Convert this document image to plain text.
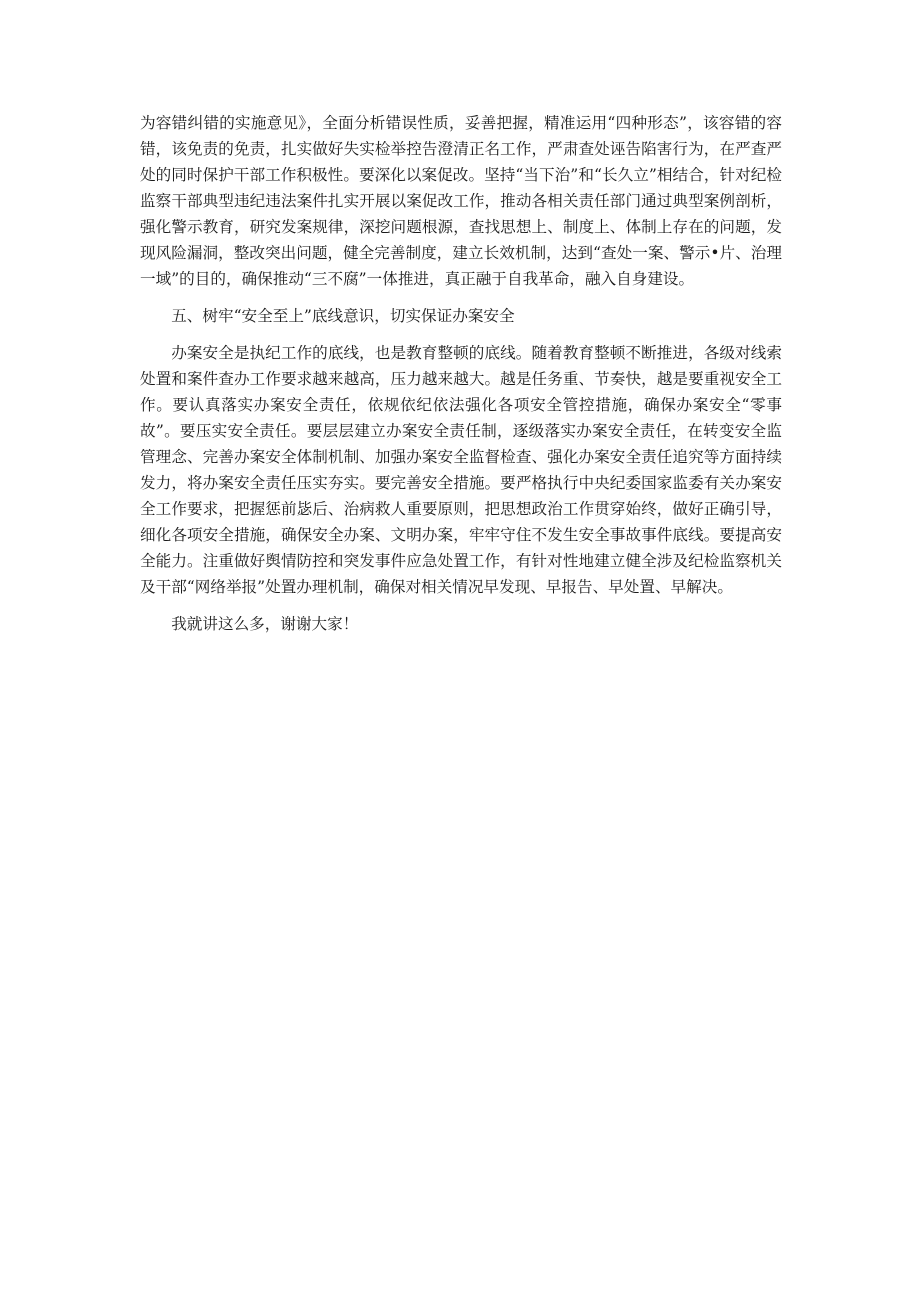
为容错纠错的实施意见》，全面分析错误性质，妥善把握，精准运用“四种形态”，该容错的容错，该免责的免责，扎实做好失实检举控告澄清正名工作，严肃查处诬告陷害行为，在严查严处的同时保护干部工作积极性。要深化以案促改。坚持“当下治”和“长久立”相结合，针对纪检监察干部典型违纪违法案件扎实开展以案促改工作，推动各相关责任部门通过典型案例剖析，强化警示教育，研究发案规律，深挖问题根源，查找思想上、制度上、体制上存在的问题，发现风险漏洞，整改突出问题，健全完善制度，建立长效机制，达到“查处一案、警示•片、治理一域”的目的，确保推动“三不腐”一体推进，真正融于自我革命，融入自身建设。

五、树牢“安全至上”底线意识，切实保证办案安全

办案安全是执纪工作的底线，也是教育整顿的底线。随着教育整顿不断推进，各级对线索处置和案件查办工作要求越来越高，压力越来越大。越是任务重、节奏快，越是要重视安全工作。要认真落实办案安全责任，依规依纪依法强化各项安全管控措施，确保办案安全“零事故”。要压实安全责任。要层层建立办案安全责任制，逐级落实办案安全责任，在转变安全监管理念、完善办案安全体制机制、加强办案安全监督检查、强化办案安全责任追究等方面持续发力，将办案安全责任压实夯实。要完善安全措施。要严格执行中央纪委国家监委有关办案安全工作要求，把握惩前毖后、治病救人重要原则，把思想政治工作贯穿始终，做好正确引导，细化各项安全措施，确保安全办案、文明办案，牢牢守住不发生安全事故事件底线。要提高安全能力。注重做好舆情防控和突发事件应急处置工作，有针对性地建立健全涉及纪检监察机关及干部“网络举报”处置办理机制，确保对相关情况早发现、早报告、早处置、早解决。

我就讲这么多，谢谢大家！
